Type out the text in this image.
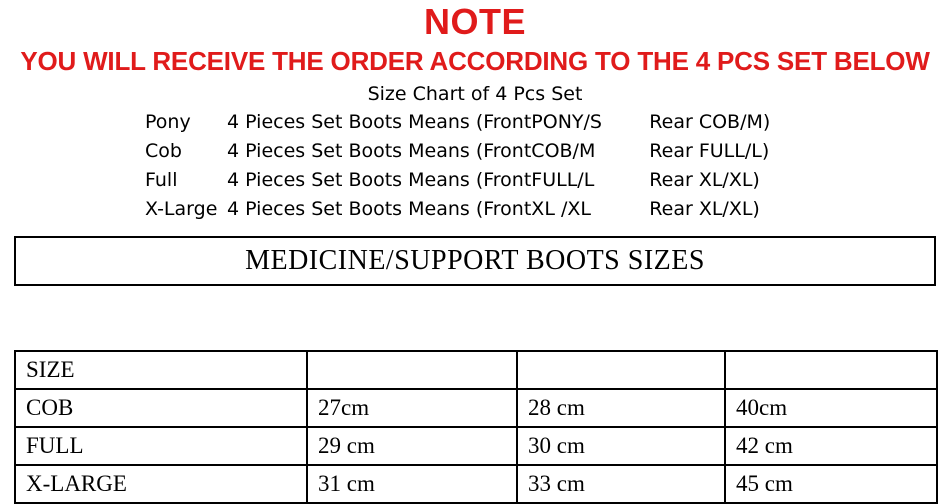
NOTE
YOU WILL RECEIVE THE ORDER ACCORDING TO THE 4 PCS SET BELOW
Size Chart of 4 Pcs Set
Pony	4 Pieces Set Boots Means (Front PONY/S	Rear COB/M)
Cob	4 Pieces Set Boots Means (Front COB/M	Rear FULL/L)
Full	4 Pieces Set Boots Means (Front FULL/L	Rear XL/XL)
X-Large 4 Pieces Set Boots Means (Front XL /XL	Rear XL/XL)
MEDICINE/SUPPORT BOOTS SIZES
SIZE			
COB	27cm	28 cm	40cm
FULL	29 cm	30 cm	42 cm
X-LARGE	31 cm	33 cm	45 cm
